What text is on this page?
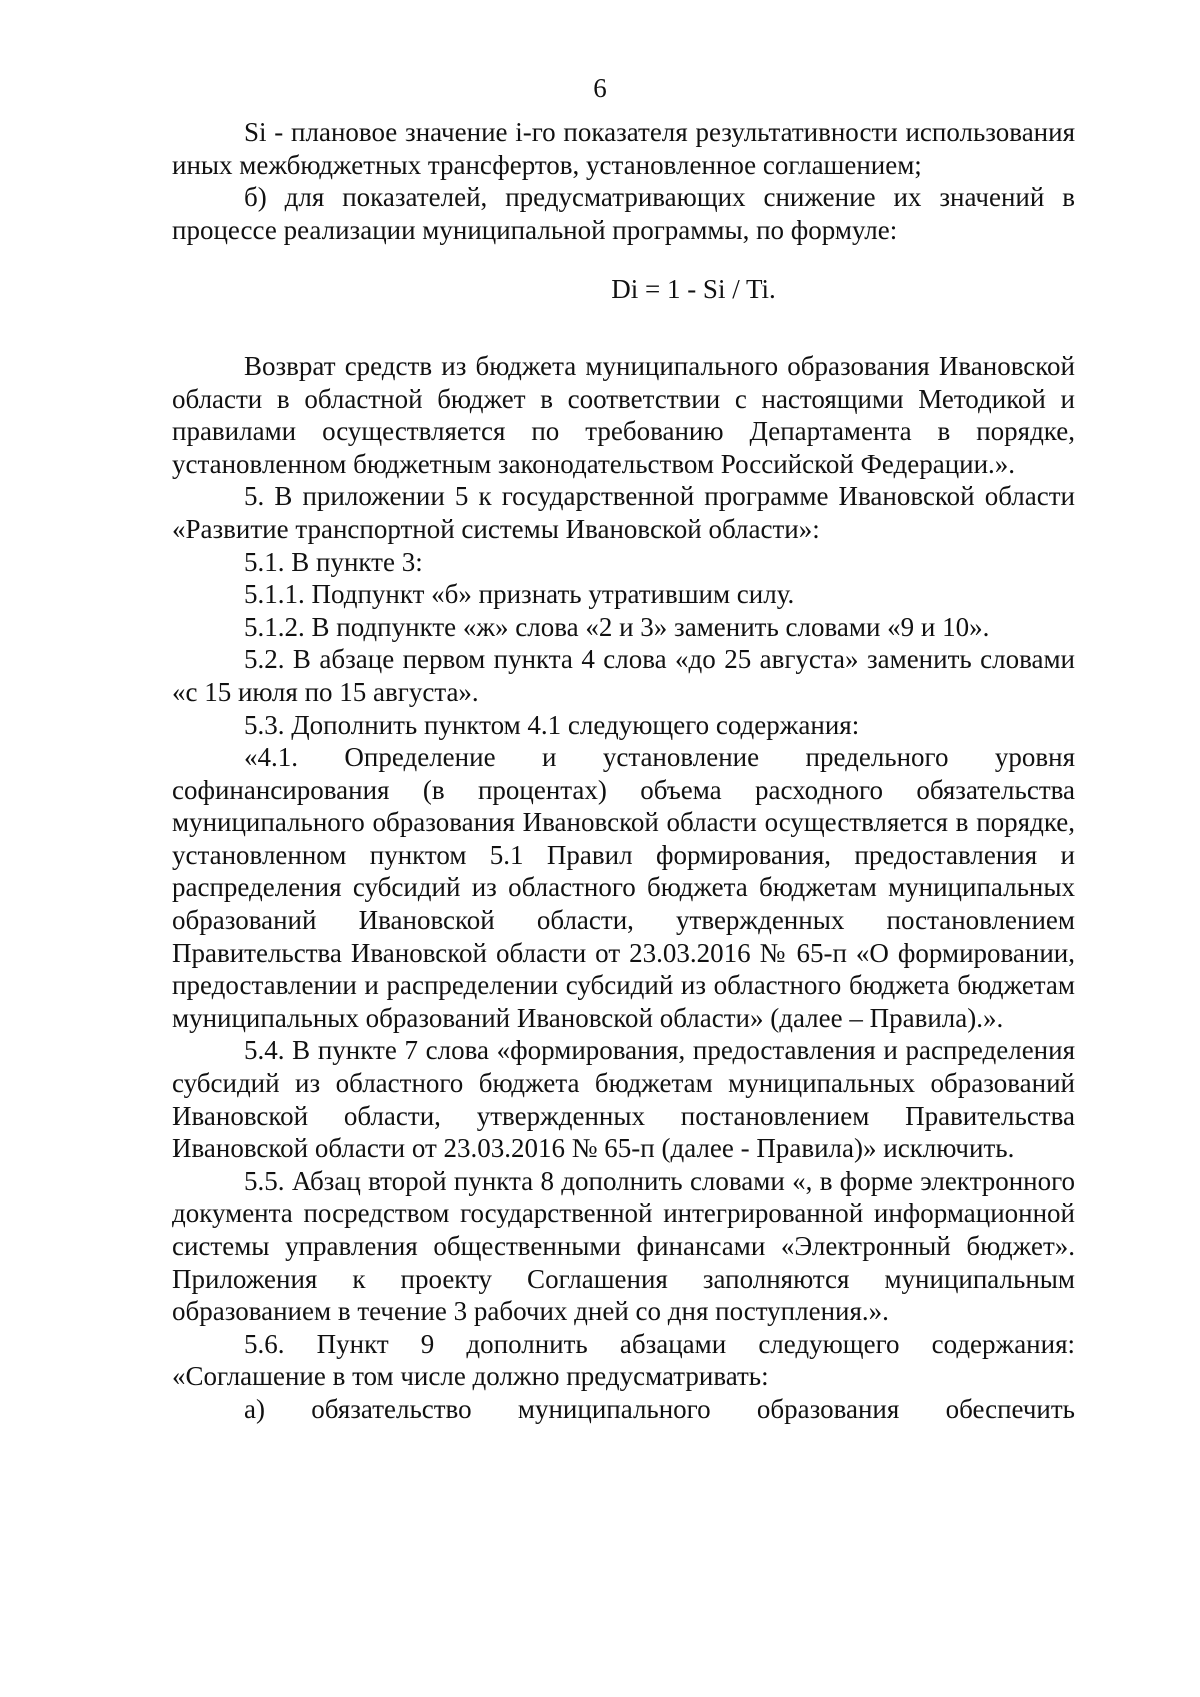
6

Si - плановое значение i-го показателя результативности использования иных межбюджетных трансфертов, установленное соглашением;

б) для показателей, предусматривающих снижение их значений в процессе реализации муниципальной программы, по формуле:

Di = 1 - Si / Ti.

Возврат средств из бюджета муниципального образования Ивановской области в областной бюджет в соответствии с настоящими Методикой и правилами осуществляется по требованию Департамента в порядке, установленном бюджетным законодательством Российской Федерации.».

5. В приложении 5 к государственной программе Ивановской области «Развитие транспортной системы Ивановской области»:

5.1. В пункте 3:

5.1.1. Подпункт «б» признать утратившим силу.

5.1.2. В подпункте «ж» слова «2 и 3» заменить словами «9 и 10».

5.2. В абзаце первом пункта 4 слова «до 25 августа» заменить словами «с 15 июля по 15 августа».

5.3. Дополнить пунктом 4.1 следующего содержания:

«4.1. Определение и установление предельного уровня софинансирования (в процентах) объема расходного обязательства муниципального образования Ивановской области осуществляется в порядке, установленном пунктом 5.1 Правил формирования, предоставления и распределения субсидий из областного бюджета бюджетам муниципальных образований Ивановской области, утвержденных постановлением Правительства Ивановской области от 23.03.2016 № 65-п «О формировании, предоставлении и распределении субсидий из областного бюджета бюджетам муниципальных образований Ивановской области» (далее – Правила).».

5.4. В пункте 7 слова «формирования, предоставления и распределения субсидий из областного бюджета бюджетам муниципальных образований Ивановской области, утвержденных постановлением Правительства Ивановской области от 23.03.2016 № 65-п (далее - Правила)» исключить.

5.5. Абзац второй пункта 8 дополнить словами «, в форме электронного документа посредством государственной интегрированной информационной системы управления общественными финансами «Электронный бюджет». Приложения к проекту Соглашения заполняются муниципальным образованием в течение 3 рабочих дней со дня поступления.».

5.6. Пункт 9 дополнить абзацами следующего содержания: «Соглашение в том числе должно предусматривать:

а) обязательство муниципального образования обеспечить
